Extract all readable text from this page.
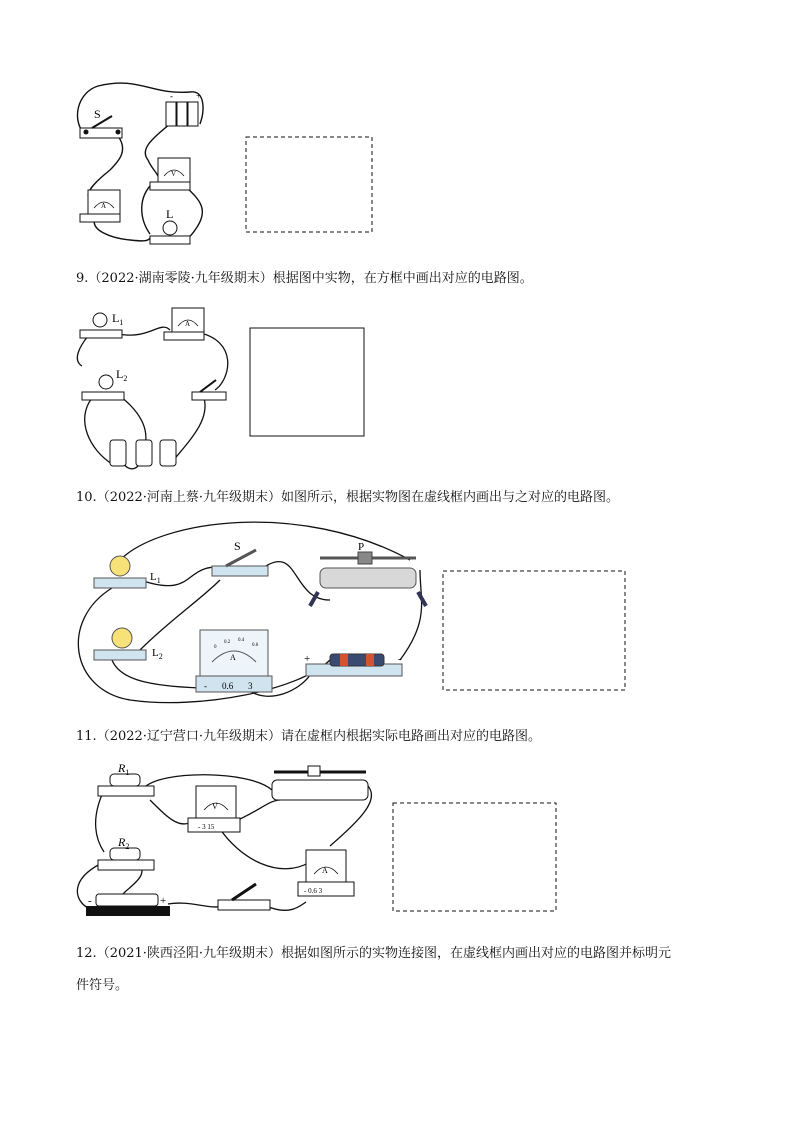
S
-	+
V
A
L
$L_1$
$L_2$
A
S	P
$L_1$
$L_2$	A
0
0.2 0.4
0.6
- 0.6 3
+	-
$R_1$
$R_2$
V
A
- 3 15
- 0.6 3
-	+
9.（2022·湖南零陵·九年级期末）根据图中实物，在方框中画出对应的电路图。
10.（2022·河南上蔡·九年级期末）如图所示，根据实物图在虚线框内画出与之对应的电路图。
11.（2022·辽宁营口·九年级期末）请在虚框内根据实际电路画出对应的电路图。
12.（2021·陕西泾阳·九年级期末）根据如图所示的实物连接图，在虚线框内画出对应的电路图并标明元
件符号。
